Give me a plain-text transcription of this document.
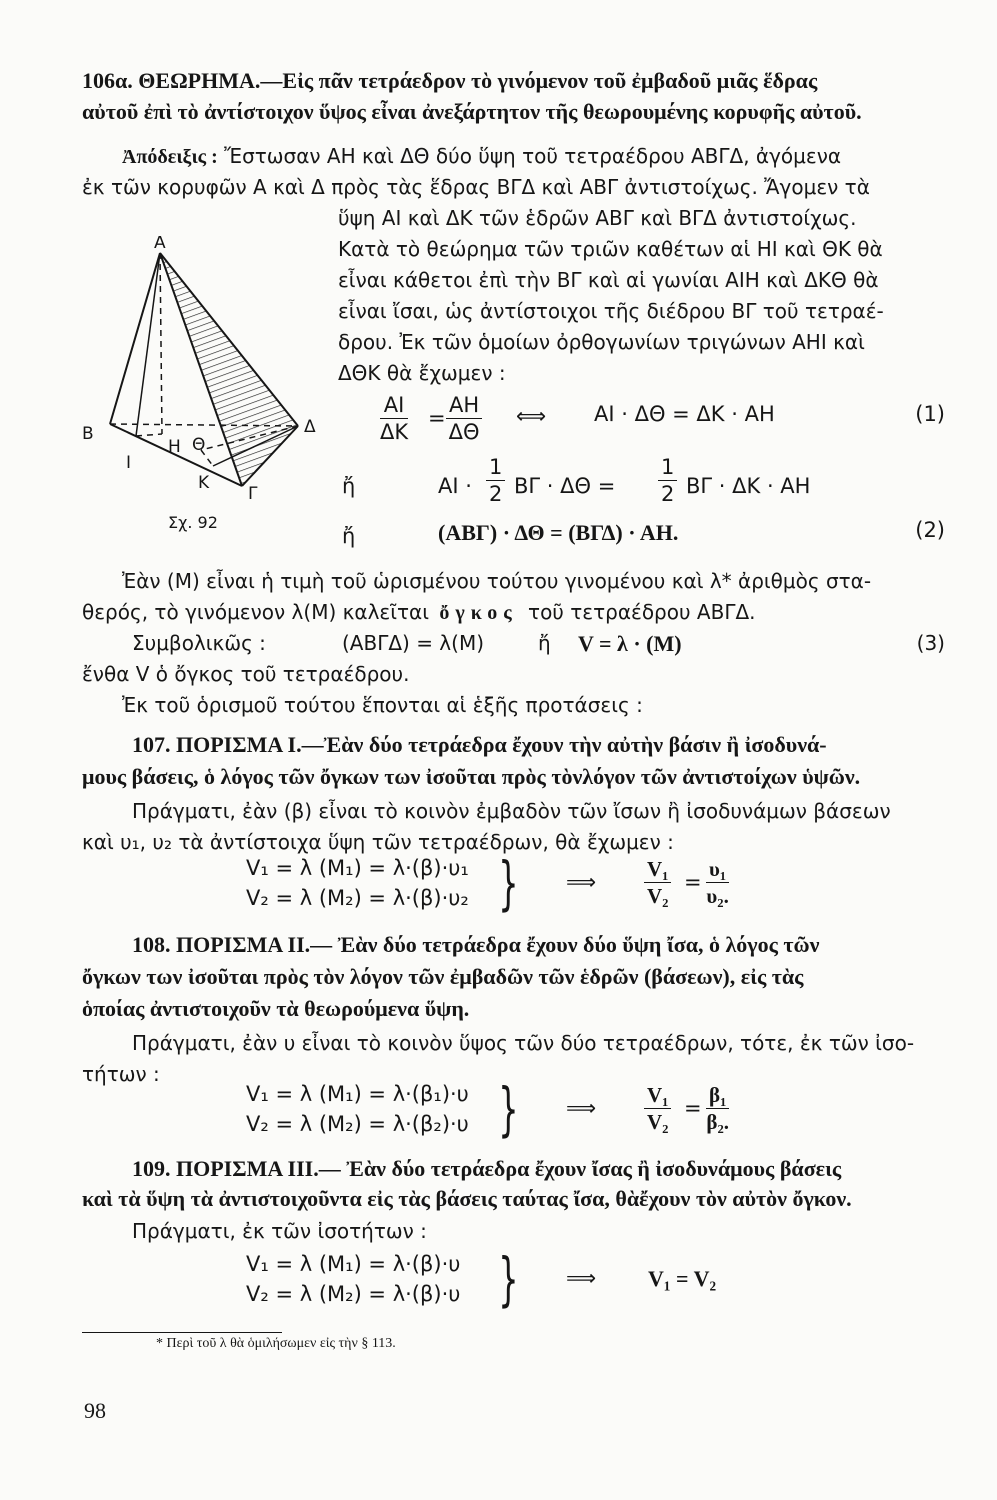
106α. ΘΕΩΡΗΜΑ.—Εἰς πᾶν τετράεδρον τὸ γινόμενον τοῦ ἐμβαδοῦ μιᾶς ἕδρας
αὐτοῦ ἐπὶ τὸ ἀντίστοιχον ὕψος εἶναι ἀνεξάρτητον τῆς θεωρουμένης κορυφῆς αὐτοῦ.
Ἀπόδειξις : Ἔστωσαν ΑΗ καὶ ΔΘ δύο ὕψη τοῦ τετραέδρου ΑΒΓΔ, ἀγόμενα
ἐκ τῶν κορυφῶν Α καὶ Δ πρὸς τὰς ἕδρας ΒΓΔ καὶ ΑΒΓ ἀντιστοίχως. Ἄγομεν τὰ
ὕψη ΑΙ καὶ ΔΚ τῶν ἑδρῶν ΑΒΓ καὶ ΒΓΔ ἀντιστοίχως.
Κατὰ τὸ θεώρημα τῶν τριῶν καθέτων αἱ ΗΙ καὶ ΘΚ θὰ
εἶναι κάθετοι ἐπὶ τὴν ΒΓ καὶ αἱ γωνίαι ΑΙΗ καὶ ΔΚΘ θὰ
εἶναι ἴσαι, ὡς ἀντίστοιχοι τῆς διέδρου ΒΓ τοῦ τετραέ-
δρου. Ἐκ τῶν ὁμοίων ὀρθογωνίων τριγώνων ΑΗΙ καὶ
ΔΘΚ θὰ ἔχωμεν :
Α
Β
Γ
Δ
Η Θ
Ι
Κ
Σχ. 92
$\frac{AI}{\Delta K} = \frac{AH}{\Delta\Theta}$ ⟺ ΑΙ · ΔΘ = ΔΚ · ΑΗ	(1)
ἤ	$AI \cdot \frac{1}{2}$ $B\Gamma \cdot \Delta\Theta = \frac{1}{2}$ ΒΓ · ΔΚ · ΑΗ
ἤ	(ΑΒΓ) · ΔΘ = (ΒΓΔ) · ΑΗ.	(2)
Ἐὰν (Μ) εἶναι ἡ τιμὴ τοῦ ὡρισμένου τούτου γινομένου καὶ λ* ἀριθμὸς στα-
θερός, τὸ γινόμενον λ(Μ) καλεῖται ὄγκος τοῦ τετραέδρου ΑΒΓΔ.
Συμβολικῶς :	(ΑΒΓΔ) = λ(Μ)	ἤ V = λ · (Μ)	(3)
ἔνθα V ὁ ὄγκος τοῦ τετραέδρου.
Ἐκ τοῦ ὁρισμοῦ τούτου ἕπονται αἱ ἑξῆς προτάσεις :
107. ΠΟΡΙΣΜΑ Ι.—Ἐὰν δύο τετράεδρα ἔχουν τὴν αὐτὴν βάσιν ἢ ἰσοδυνά-
μους βάσεις, ὁ λόγος τῶν ὄγκων των ἰσοῦται πρὸς τὸνλόγον τῶν ἀντιστοίχων ὑψῶν.
Πράγματι, ἐὰν (β) εἶναι τὸ κοινὸν ἐμβαδὸν τῶν ἴσων ἢ ἰσοδυνάμων βάσεων
καὶ υ₁, υ₂ τὰ ἀντίστοιχα ὕψη τῶν τετραέδρων, θὰ ἔχωμεν :
V₁ = λ (Μ₁) = λ·(β)·υ₁
V₂ = λ (Μ₂) = λ·(β)·υ₂ } ⟹ $\frac{\text{V₁}}{\text{V₂}} = \frac{\text{υ₁}}{\text{υ₂.}}$
108. ΠΟΡΙΣΜΑ ΙΙ.— Ἐὰν δύο τετράεδρα ἔχουν δύο ὕψη ἴσα, ὁ λόγος τῶν
ὄγκων των ἰσοῦται πρὸς τὸν λόγον τῶν ἐμβαδῶν τῶν ἑδρῶν (βάσεων), εἰς τὰς
ὁποίας ἀντιστοιχοῦν τὰ θεωρούμενα ὕψη.
Πράγματι, ἐὰν υ εἶναι τὸ κοινὸν ὕψος τῶν δύο τετραέδρων, τότε, ἐκ τῶν ἰσο-
τήτων :
V₁ = λ (Μ₁) = λ·(β₁)·υ
V₂ = λ (Μ₂) = λ·(β₂)·υ } ⟹ $\frac{\text{V₁}}{\text{V₂}} = \frac{\text{β₁}}{\text{β₂.}}$
109. ΠΟΡΙΣΜΑ ΙΙΙ.— Ἐὰν δύο τετράεδρα ἔχουν ἴσας ἢ ἰσοδυνάμους βάσεις
καὶ τὰ ὕψη τὰ ἀντιστοιχοῦντα εἰς τὰς βάσεις ταύτας ἴσα, θὰἔχουν τὸν αὐτὸν ὄγκον.
Πράγματι, ἐκ τῶν ἰσοτήτων :
V₁ = λ (Μ₁) = λ·(β)·υ
V₂ = λ (Μ₂) = λ·(β)·υ } ⟹ V₁ = V₂
* Περὶ τοῦ λ θὰ ὁμιλήσωμεν εἰς τὴν § 113.
98
